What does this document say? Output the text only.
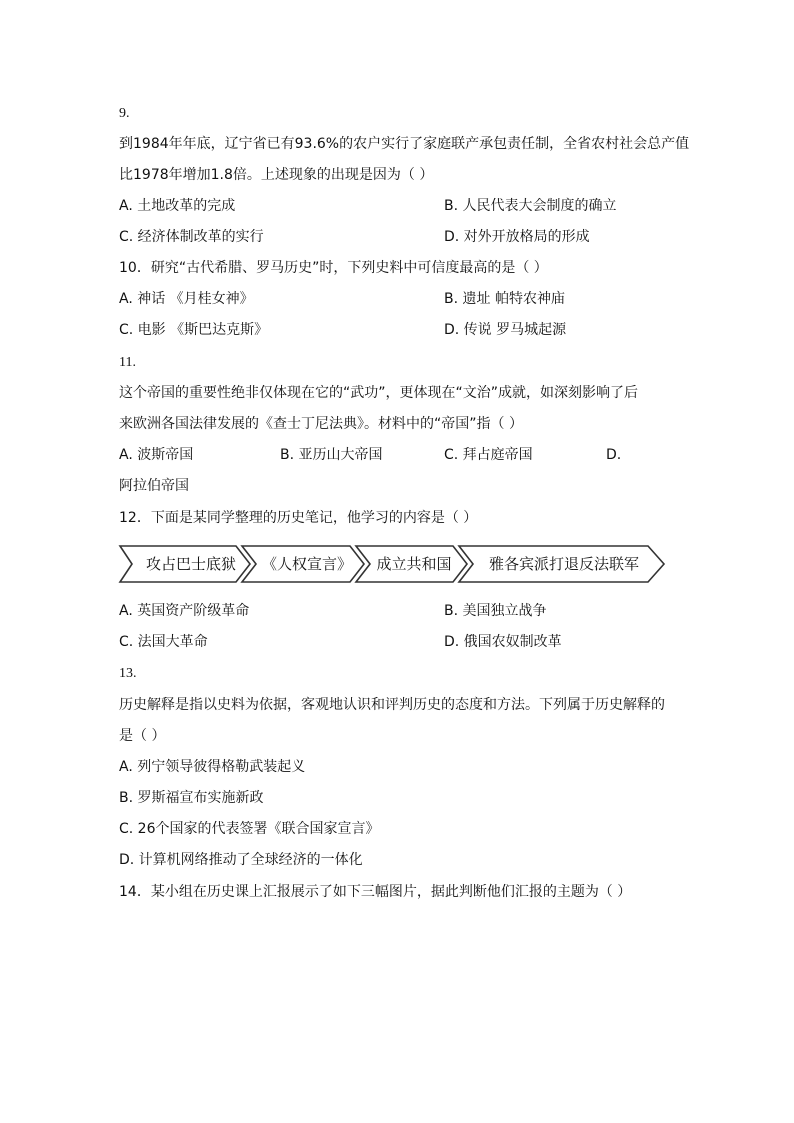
9.
到1984年年底，辽宁省已有93.6%的农户实行了家庭联产承包责任制，全省农村社会总产值
比1978年增加1.8倍。上述现象的出现是因为（ ）
A. 土地改革的完成	B. 人民代表大会制度的确立
C. 经济体制改革的实行	D. 对外开放格局的形成
10．研究“古代希腊、罗马历史”时，下列史料中可信度最高的是（ ）
A. 神话 《月桂女神》	B. 遗址 帕特农神庙
C. 电影 《斯巴达克斯》	D. 传说 罗马城起源
11.
这个帝国的重要性绝非仅体现在它的“武功”，更体现在“文治”成就，如深刻影响了后
来欧洲各国法律发展的《查士丁尼法典》。材料中的“帝国”指（ ）
A. 波斯帝国	B. 亚历山大帝国	C. 拜占庭帝国	D.
阿拉伯帝国
12．下面是某同学整理的历史笔记，他学习的内容是（ ）
攻占巴士底狱 《人权宣言》 成立共和国 雅各宾派打退反法联军
A. 英国资产阶级革命	B. 美国独立战争
C. 法国大革命	D. 俄国农奴制改革
13.
历史解释是指以史料为依据，客观地认识和评判历史的态度和方法。下列属于历史解释的
是（ ）
A. 列宁领导彼得格勒武装起义
B. 罗斯福宣布实施新政
C. 26个国家的代表签署《联合国家宣言》
D. 计算机网络推动了全球经济的一体化
14．某小组在历史课上汇报展示了如下三幅图片，据此判断他们汇报的主题为（ ）
